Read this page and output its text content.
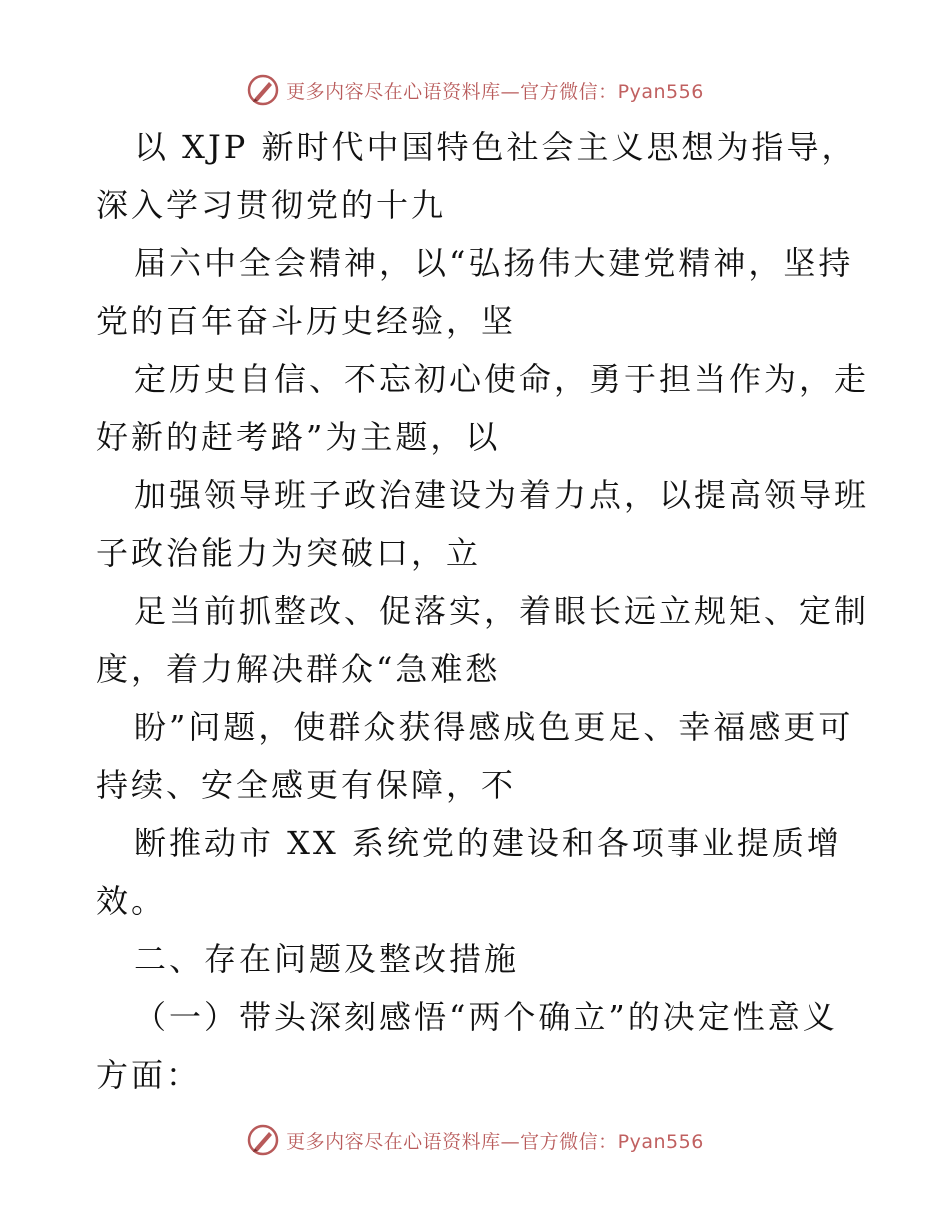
更多内容尽在心语资料库—官方微信：Pyan556
以 XJP 新时代中国特色社会主义思想为指导，
深入学习贯彻党的十九
届六中全会精神，以“弘扬伟大建党精神，坚持
党的百年奋斗历史经验，坚
定历史自信、不忘初心使命，勇于担当作为，走
好新的赶考路”为主题，以
加强领导班子政治建设为着力点，以提高领导班
子政治能力为突破口，立
足当前抓整改、促落实，着眼长远立规矩、定制
度，着力解决群众“急难愁
盼”问题，使群众获得感成色更足、幸福感更可
持续、安全感更有保障，不
断推动市 XX 系统党的建设和各项事业提质增
效。
二、存在问题及整改措施
（一）带头深刻感悟“两个确立”的决定性意义
方面：
更多内容尽在心语资料库—官方微信：Pyan556
